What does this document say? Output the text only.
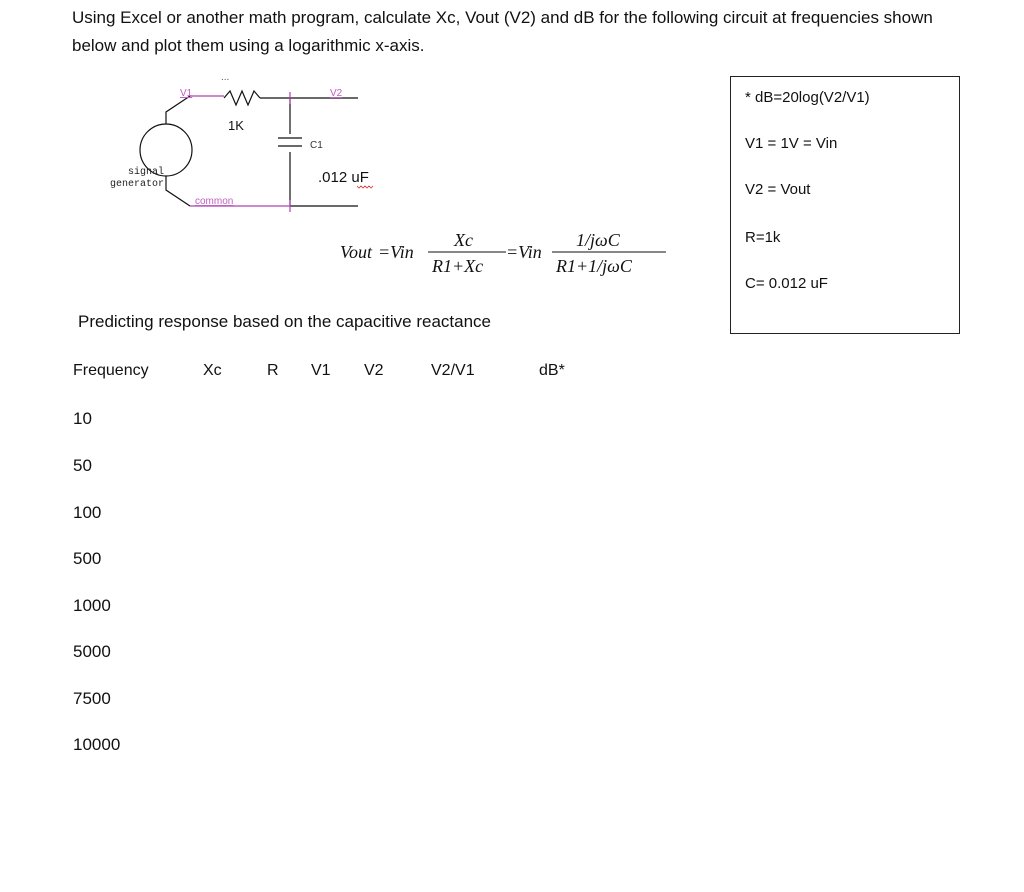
Using Excel or another math program, calculate Xc, Vout (V2) and dB for the following circuit at frequencies shown below and plot them using a logarithmic x-axis.

signal
generator
V1	V2
...
1K
C1
.012 uF
common
Vout =Vin
Xc
R1+Xc
=Vin
1/jωC
R1+1/jωC
* dB=20log(V2/V1)
V1 = 1V = Vin
V2 = Vout
R=1k
C= 0.012 uF
Predicting response based on the capacitive reactance
Frequency	Xc	R V1 V2	V2/V1	dB*
10
50
100
500
1000
5000
7500
10000
